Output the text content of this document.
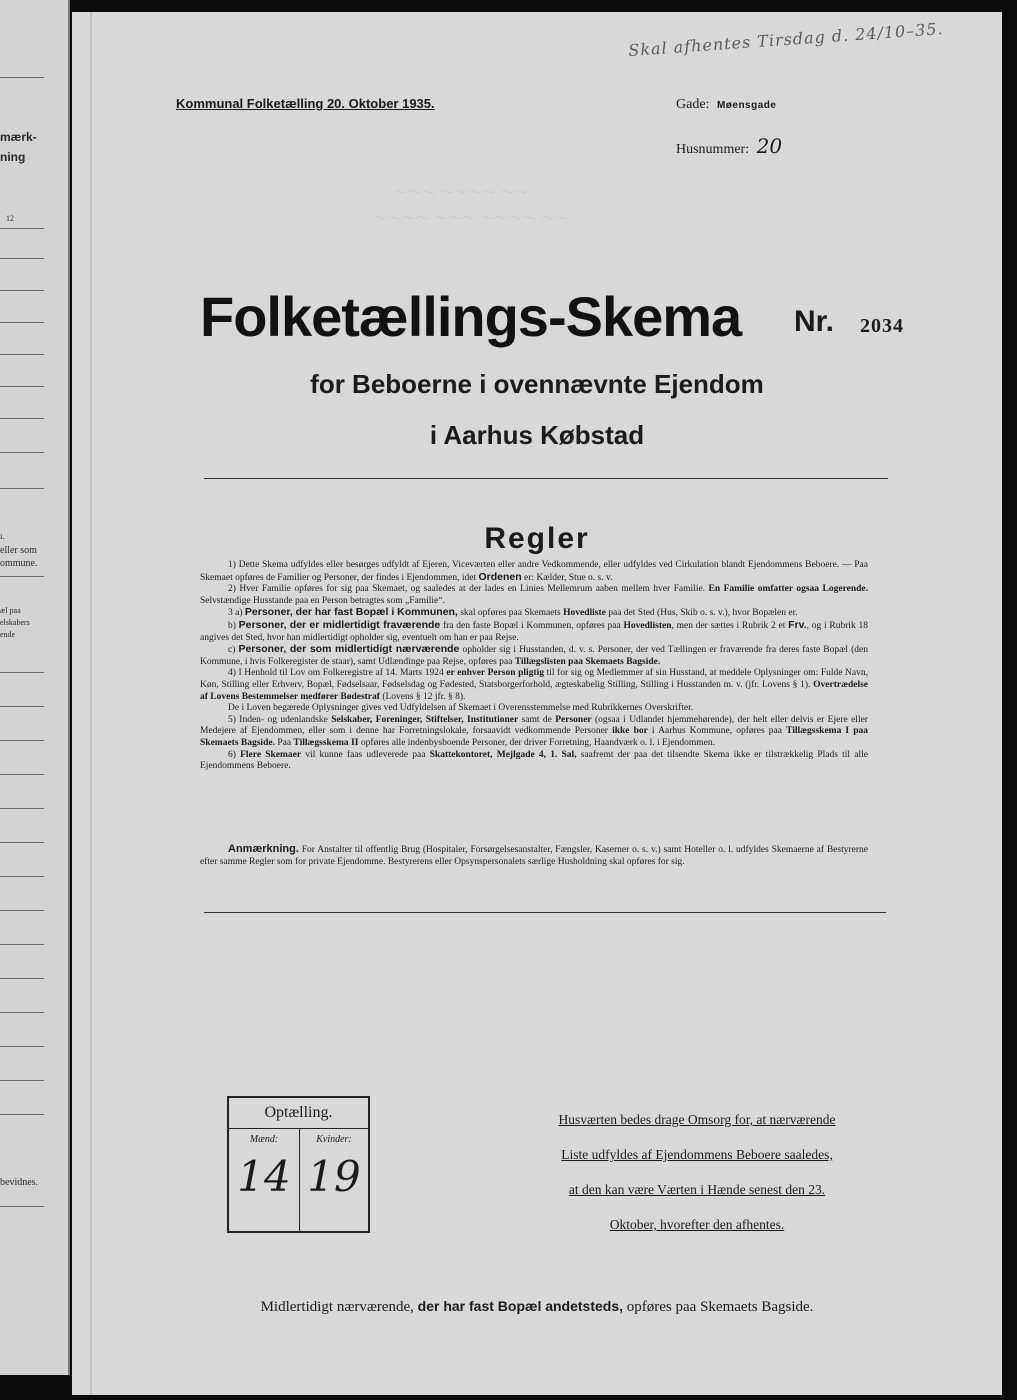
mærk-
ning
12
ı.
eller som
ommune.
æl paa
elskabers
ende
bevidnes.
～～～ ～～～～ ～～
～～～～ ～～～ ～～～～ ～～
Kommunal Folketælling 20. Oktober 1935.
Skal afhentes Tirsdag d. 24/10–35.
Gade: Møensgade
Husnummer: 20
Folketællings-Skema Nr. 2034
for Beboerne i ovennævnte Ejendom
i Aarhus Købstad
Regler

1) Dette Skema udfyldes eller besørges udfyldt af Ejeren, Viceværten eller andre Vedkommende, eller udfyldes ved Cirkulation blandt Ejendommens Beboere. — Paa Skemaet opføres de Familier og Personer, der findes i Ejendommen, idet Ordenen er: Kælder, Stue o. s. v.

2) Hver Familie opføres for sig paa Skemaet, og saaledes at der lades en Linies Mellemrum aaben mellem hver Familie. En Familie omfatter ogsaa Logerende. Selvstændige Husstande paa en Person betragtes som „Familie“.

3 a) Personer, der har fast Bopæl i Kommunen, skal opføres paa Skemaets Hovedliste paa det Sted (Hus, Skib o. s. v.), hvor Bopælen er.

b) Personer, der er midlertidigt fraværende fra den faste Bopæl i Kommunen, opføres paa Hovedlisten, men der sættes i Rubrik 2 et Frv., og i Rubrik 18 angives det Sted, hvor han midlertidigt opholder sig, eventuelt om han er paa Rejse.

c) Personer, der som midlertidigt nærværende opholder sig i Husstanden, d. v. s. Personer, der ved Tællingen er fraværende fra deres faste Bopæl (den Kommune, i hvis Folkeregister de staar), samt Udlændinge paa Rejse, opføres paa Tillægslisten paa Skemaets Bagside.

4) I Henhold til Lov om Folkeregistre af 14. Marts 1924 er enhver Person pligtig til for sig og Medlemmer af sin Husstand, at meddele Oplysninger om: Fulde Navn, Køn, Stilling eller Erhverv, Bopæl, Fødselsaar, Fødselsdag og Fødested, Statsborgerforhold, ægteskabelig Stilling, Stilling i Husstanden m. v. (jfr. Lovens § 1). Overtrædelse af Lovens Bestemmelser medfører Bødestraf (Lovens § 12 jfr. § 8).

De i Loven begærede Oplysninger gives ved Udfyldelsen af Skemaet i Overensstemmelse med Rubrikkernes Overskrifter.

5) Inden- og udenlandske Selskaber, Foreninger, Stiftelser, Institutioner samt de Personer (ogsaa i Udlandet hjemmehørende), der helt eller delvis er Ejere eller Medejere af Ejendommen, eller som i denne har Forretningslokale, forsaavidt vedkommende Personer ikke bor i Aarhus Kommune, opføres paa Tillægsskema I paa Skemaets Bagside. Paa Tillægsskema II opføres alle indenbysboende Personer, der driver Forretning, Haandværk o. l. i Ejendommen.

6) Flere Skemaer vil kunne faas udleverede paa Skattekontoret, Mejlgade 4, 1. Sal, saafremt der paa det tilsendte Skema ikke er tilstrækkelig Plads til alle Ejendommens Beboere.

Anmærkning. For Anstalter til offentlig Brug (Hospitaler, Forsørgelsesanstalter, Fængsler, Kaserner o. s. v.) samt Hoteller o. l. udfyldes Skemaerne af Bestyrerne efter samme Regler som for private Ejendomme. Bestyrerens eller Opsynspersonalets særlige Husholdning skal opføres for sig.

Optælling.
Mænd:	Kvinder:
14 19
Husværten bedes drage Omsorg for, at nærværende
Liste udfyldes af Ejendommens Beboere saaledes,
at den kan være Værten i Hænde senest den 23.
Oktober, hvorefter den afhentes.
Midlertidigt nærværende, der har fast Bopæl andetsteds, opføres paa Skemaets Bagside.
